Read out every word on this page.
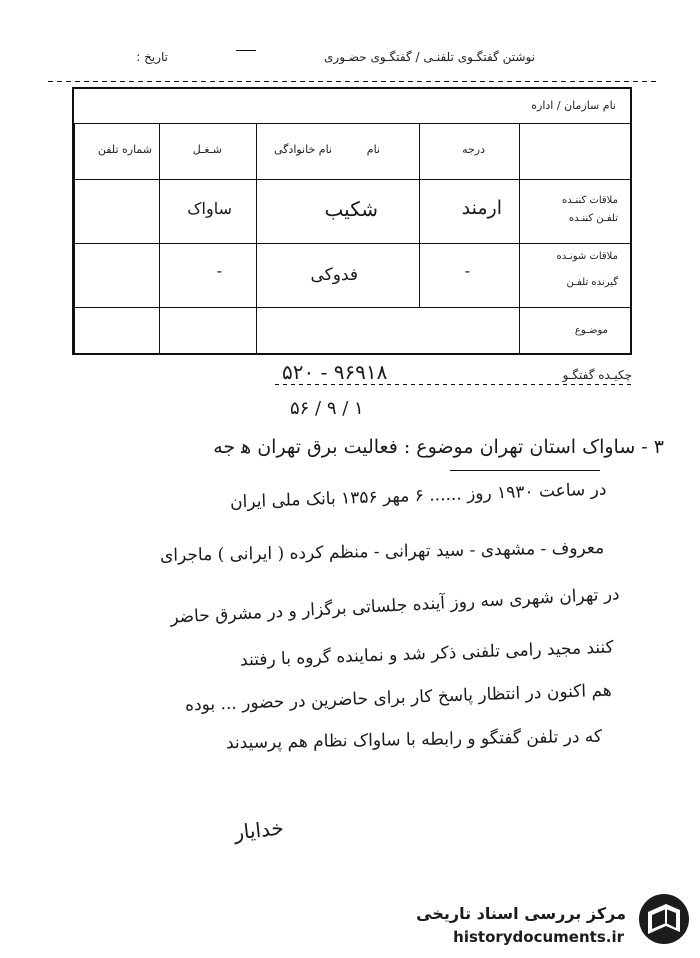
نوشتن گفتگـوی تلفنـی / گفتگـوی حضـوری
تاریخ :
نام سازمان / اداره
درجه
نام
نام خانوادگی
شـغـل
شماره تلفن
ملاقات کننـده
تلفـن کننـده
ملاقات شونـده
گیرنده تلفـن
موضـوع
ارمند
شکیب
ساواک
-
فدوکی
-
چکیـده گفتگـو
۵۲۰ - ۹۶۹۱۸
۵۶ / ۹ / ۱
۳ - ساواک استان تهران موضوع : فعالیت برق تهران ه‍ جه
در ساعت ۱۹۳۰ روز ...... ۶ مهر ۱۳۵۶ بانک ملی ایران
معروف - مشهدی - سید تهرانی - منظم کرده ( ایرانی ) ماجرای
در تهران شهری سه روز آینده جلساتی برگزار و در مشرق حاضر
کنند مجید رامی تلفنی ذکر شد و نماینده گروه با رفتند
هم اکنون در انتظار پاسخ کار برای حاضرین در حضور ... بوده
که در تلفن گفتگو و رابطه با ساواک نظام هم پرسیدند
خدایار
مرکز بررسی اسناد تاریخی
historydocuments.ir
